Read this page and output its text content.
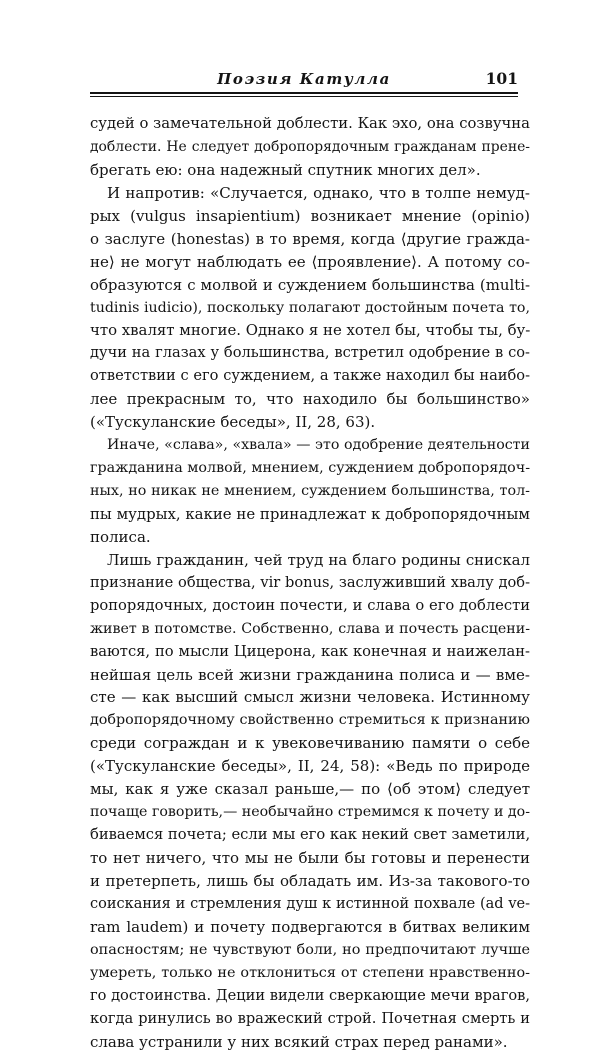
Поэзия Катулла	101
судей о замечательной доблести. Как эхо, она созвучна
доблести. Не следует добропорядочным гражданам прене-
брегать ею: она надежный спутник многих дел».
И напротив: «Случается, однако, что в толпе немуд-
рых (vulgus insapientium) возникает мнение (opinio)
о заслуге (honestas) в то время, когда ⟨другие гражда-
не⟩ не могут наблюдать ее ⟨проявление⟩. А потому со-
образуются с молвой и суждением большинства (multi-
tudinis iudicio), поскольку полагают достойным почета то,
что хвалят многие. Однако я не хотел бы, чтобы ты, бу-
дучи на глазах у большинства, встретил одобрение в со-
ответствии с его суждением, а также находил бы наибо-
лее прекрасным то, что находило бы большинство»
(«Тускуланские беседы», II, 28, 63).
Иначе, «слава», «хвала» — это одобрение деятельности
гражданина молвой, мнением, суждением добропорядоч-
ных, но никак не мнением, суждением большинства, тол-
пы мудрых, какие не принадлежат к добропорядочным
полиса.
Лишь гражданин, чей труд на благо родины снискал
признание общества, vir bonus, заслуживший хвалу доб-
ропорядочных, достоин почести, и слава о его доблести
живет в потомстве. Собственно, слава и почесть расцени-
ваются, по мысли Цицерона, как конечная и наижелан-
нейшая цель всей жизни гражданина полиса и — вме-
сте — как высший смысл жизни человека. Истинному
добропорядочному свойственно стремиться к признанию
среди сограждан и к увековечиванию памяти о себе
(«Тускуланские беседы», II, 24, 58): «Ведь по природе
мы, как я уже сказал раньше,— по ⟨об этом⟩ следует
почаще говорить,— необычайно стремимся к почету и до-
биваемся почета; если мы его как некий свет заметили,
то нет ничего, что мы не были бы готовы и перенести
и претерпеть, лишь бы обладать им. Из-за такового-то
соискания и стремления душ к истинной похвале (ad ve-
ram laudem) и почету подвергаются в битвах великим
опасностям; не чувствуют боли, но предпочитают лучше
умереть, только не отклониться от степени нравственно-
го достоинства. Деции видели сверкающие мечи врагов,
когда ринулись во вражеский строй. Почетная смерть и
слава устранили у них всякий страх перед ранами».
